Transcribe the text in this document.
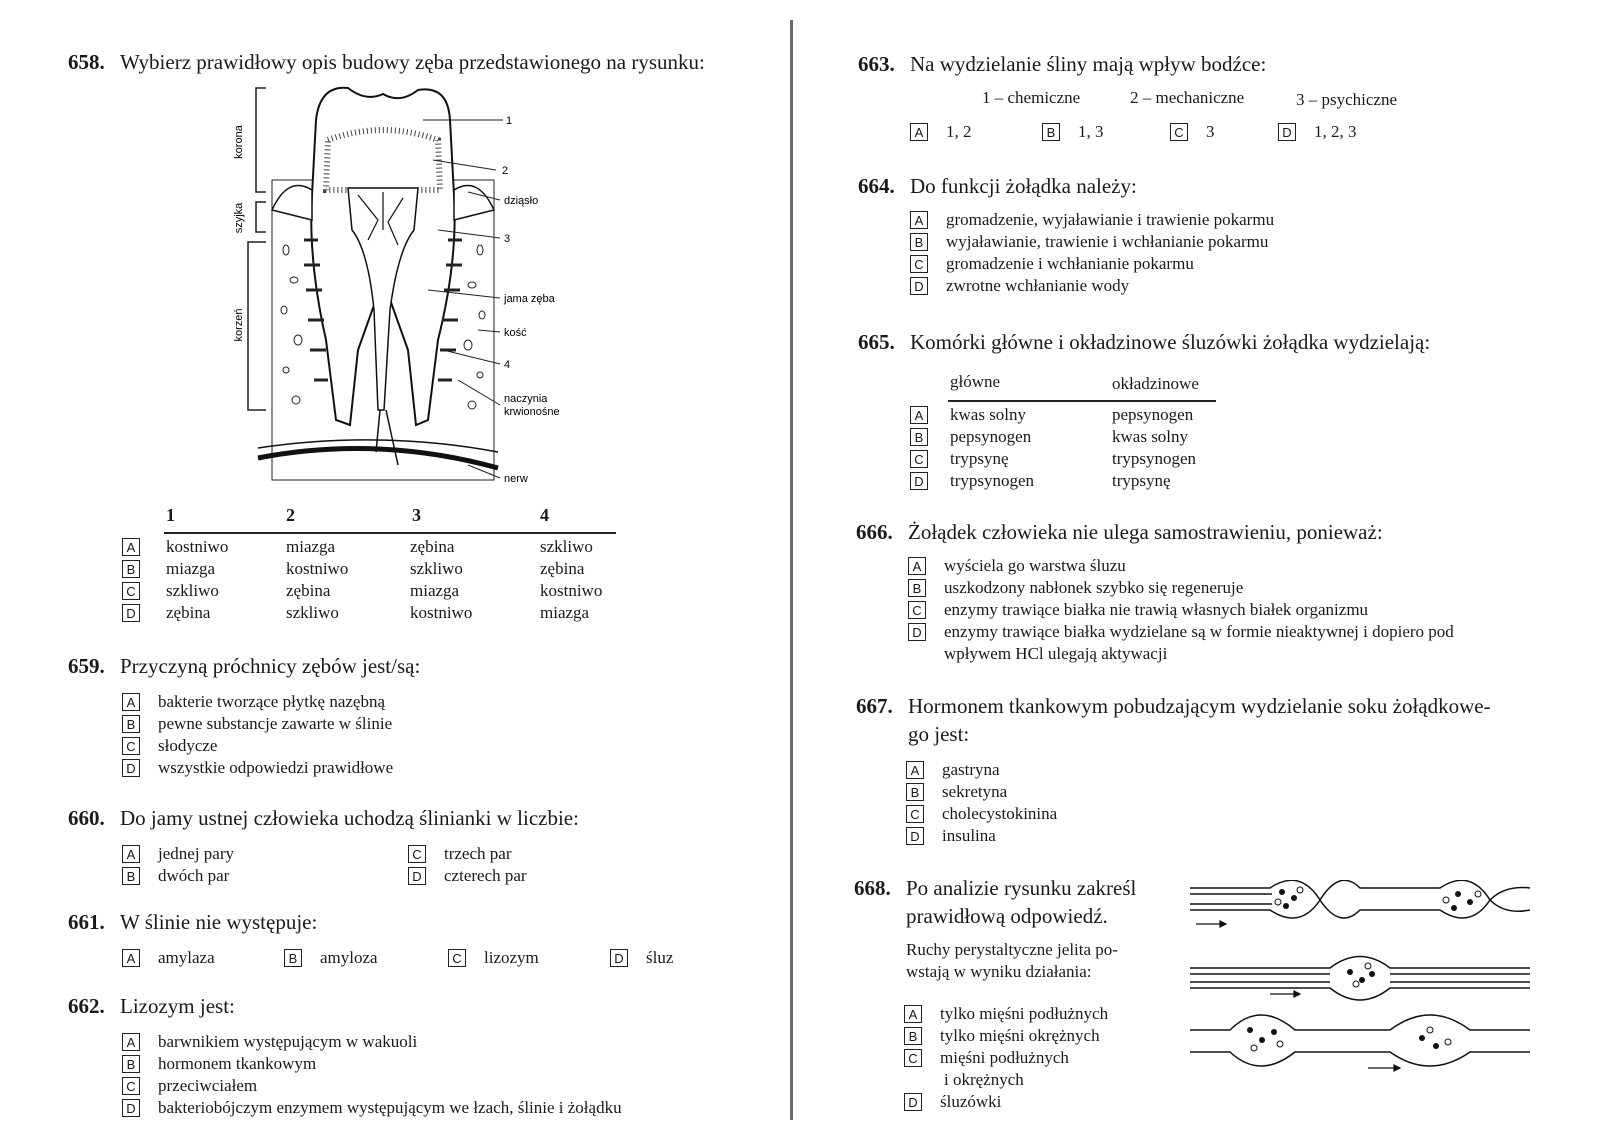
658. Wybierz prawidłowy opis budowy zęba przedstawionego na rysunku:
korona
szyjka
korzeń
1
2
dziąsło
3
jama zęba
kość
4
naczynia
krwionośne
nerw
1	2	3	4
A	kostniwo	miazga	zębina	szkliwo
B	miazga	kostniwo	szkliwo	zębina
C	szkliwo	zębina	miazga	kostniwo
D	zębina	szkliwo	kostniwo	miazga
659. Przyczyną próchnicy zębów jest/są:
A bakterie tworzące płytkę nazębną
B pewne substancje zawarte w ślinie
C słodycze
D wszystkie odpowiedzi prawidłowe
660. Do jamy ustnej człowieka uchodzą ślinianki w liczbie:
A jednej pary
B dwóch par
C trzech par
D czterech par
661. W ślinie nie występuje:
A amylaza	B amyloza	C lizozym	D śluz
662. Lizozym jest:
A barwnikiem występującym w wakuoli
B hormonem tkankowym
C przeciwciałem
D bakteriobójczym enzymem występującym we łzach, ślinie i żołądku
663. Na wydzielanie śliny mają wpływ bodźce:
1 – chemiczne	2 – mechaniczne	3 – psychiczne
A 1, 2	B 1, 3	C 3	D 1, 2, 3
664. Do funkcji żołądka należy:
A gromadzenie, wyjaławianie i trawienie pokarmu
B wyjaławianie, trawienie i wchłanianie pokarmu
C gromadzenie i wchłanianie pokarmu
D zwrotne wchłanianie wody
665. Komórki główne i okładzinowe śluzówki żołądka wydzielają:
główne	okładzinowe
A	kwas solny	pepsynogen
B	pepsynogen	kwas solny
C	trypsynę	trypsynogen
D	trypsynogen	trypsynę
666. Żołądek człowieka nie ulega samostrawieniu, ponieważ:
A wyściela go warstwa śluzu
B uszkodzony nabłonek szybko się regeneruje
C enzymy trawiące białka nie trawią własnych białek organizmu
D enzymy trawiące białka wydzielane są w formie nieaktywnej i dopiero pod
wpływem HCl ulegają aktywacji
667. Hormonem tkankowym pobudzającym wydzielanie soku żołądkowe-
go jest:
A gastryna
B sekretyna
C cholecystokinina
D insulina
668. Po analizie rysunku zakreśl
prawidłową odpowiedź.
Ruchy perystaltyczne jelita po-
wstają w wyniku działania:
A tylko mięśni podłużnych
B tylko mięśni okrężnych
C mięśni podłużnych
i okrężnych
D śluzówki
